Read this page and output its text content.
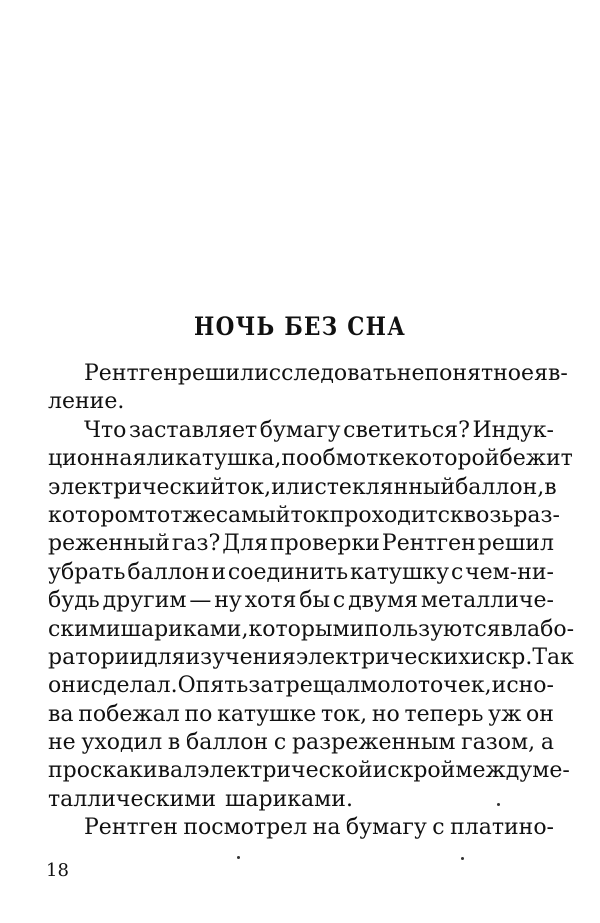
НОЧЬ БЕЗ СНА
Рентген решил исследовать непонятное яв-
ление.
Что заставляет бумагу светиться? Индук-
ционная ли катушка, по обмотке которой бежит
электрический ток, или стеклянный баллон, в
котором тот же самый ток проходит сквозь раз-
реженный газ? Для проверки Рентген решил
убрать баллон и соединить катушку с чем-ни-
будь другим — ну хотя бы с двумя металличе-
скими шариками, которыми пользуются в лабо-
ратории для изучения электрических искр. Так
он и сделал. Опять затрещал молоточек, и сно-
ва побежал по катушке ток, но теперь уж он
не уходил в баллон с разреженным газом, а
проскакивал электрической искрой между ме-
таллическими шариками.
Рентген посмотрел на бумагу с платино-
18
